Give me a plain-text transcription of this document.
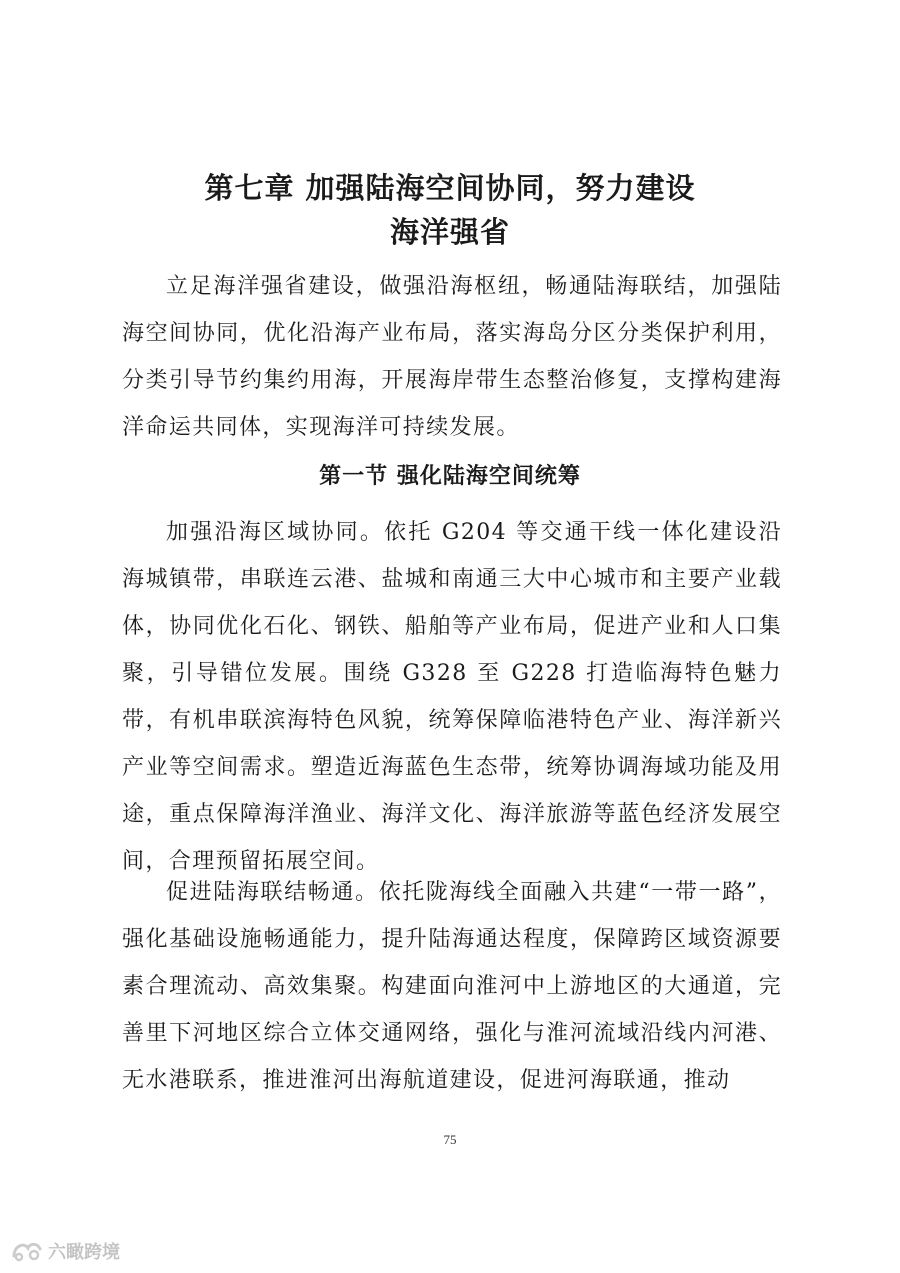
第七章 加强陆海空间协同，努力建设
海洋强省

立足海洋强省建设，做强沿海枢纽，畅通陆海联结，加强陆海空间协同，优化沿海产业布局，落实海岛分区分类保护利用，分类引导节约集约用海，开展海岸带生态整治修复，支撑构建海洋命运共同体，实现海洋可持续发展。

第一节 强化陆海空间统筹

加强沿海区域协同。依托 G204 等交通干线一体化建设沿海城镇带，串联连云港、盐城和南通三大中心城市和主要产业载体，协同优化石化、钢铁、船舶等产业布局，促进产业和人口集聚，引导错位发展。围绕 G328 至 G228 打造临海特色魅力带，有机串联滨海特色风貌，统筹保障临港特色产业、海洋新兴产业等空间需求。塑造近海蓝色生态带，统筹协调海域功能及用途，重点保障海洋渔业、海洋文化、海洋旅游等蓝色经济发展空间，合理预留拓展空间。

促进陆海联结畅通。依托陇海线全面融入共建“一带一路”，强化基础设施畅通能力，提升陆海通达程度，保障跨区域资源要素合理流动、高效集聚。构建面向淮河中上游地区的大通道，完善里下河地区综合立体交通网络，强化与淮河流域沿线内河港、无水港联系，推进淮河出海航道建设，促进河海联通，推动

75
六瞰跨境
